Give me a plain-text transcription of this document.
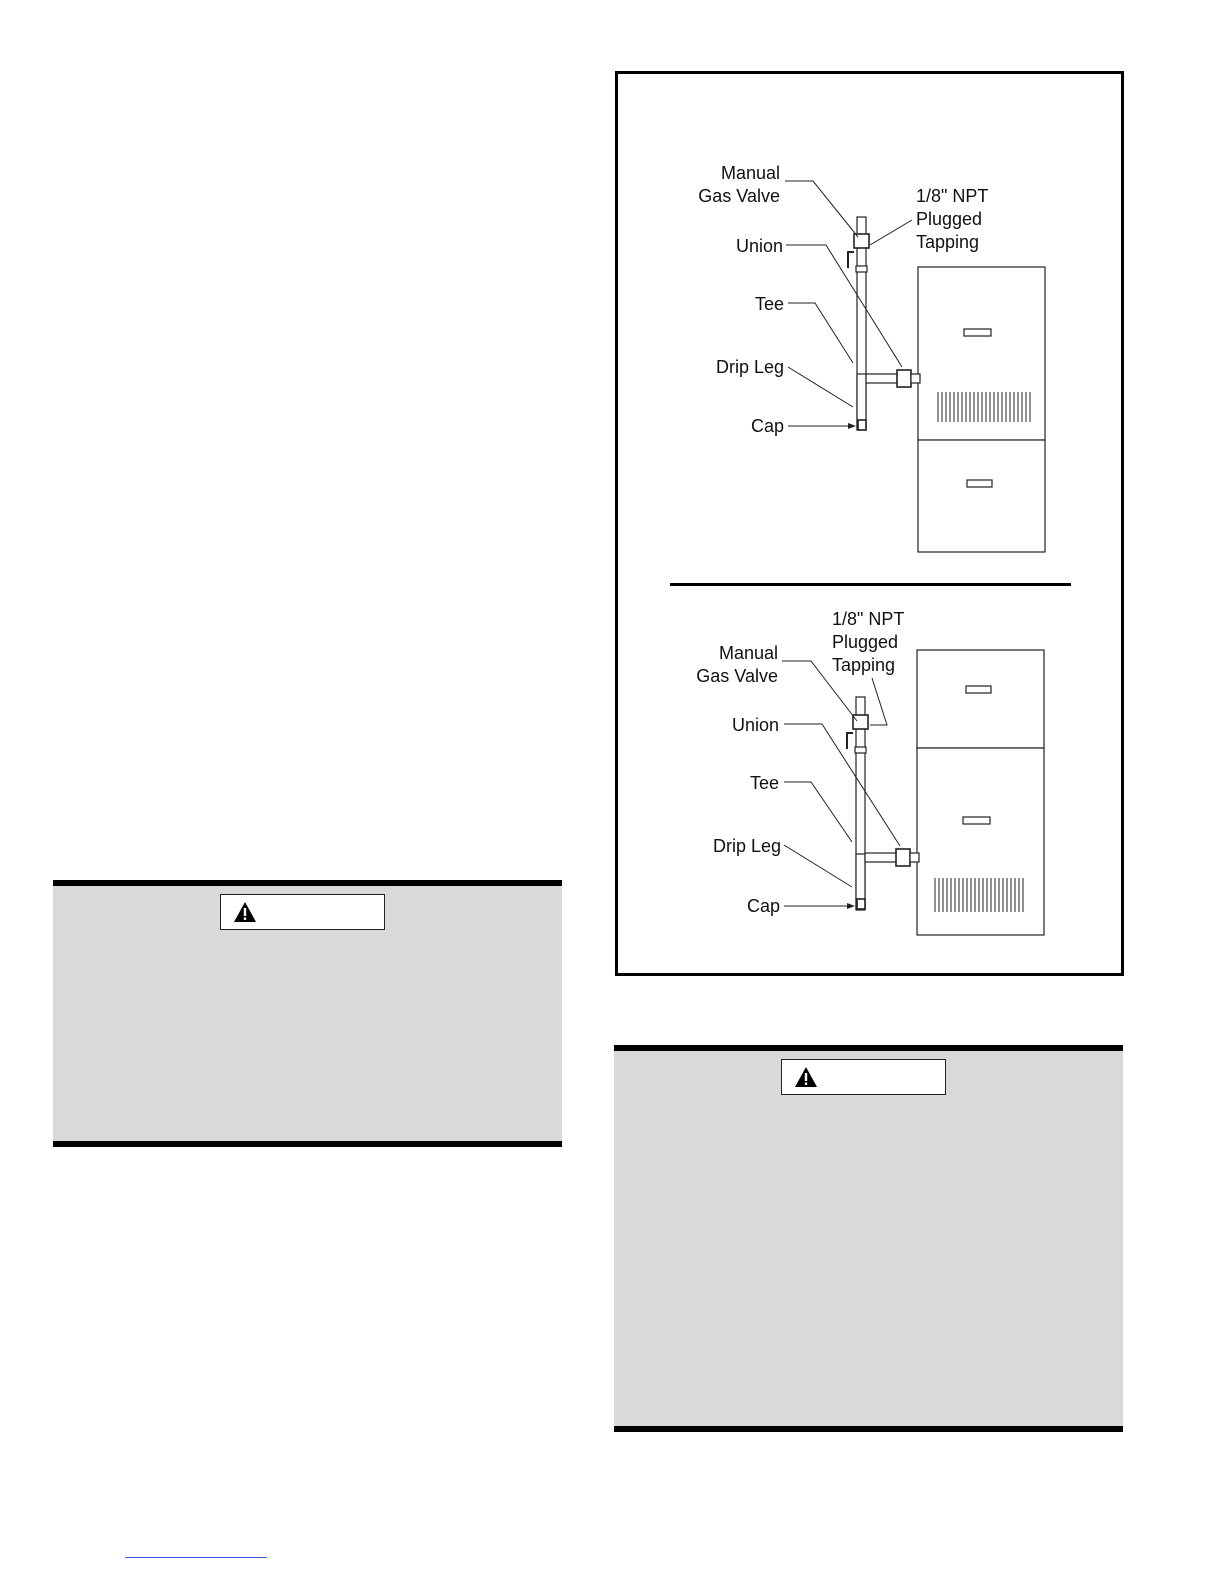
Manual
Gas Valve	1/8" NPT
Plugged
Tapping
Union
Tee
Drip Leg
Cap
Manual
Gas Valve
1/8" NPT
Plugged
Tapping
Union
Tee
Drip Leg
Cap
